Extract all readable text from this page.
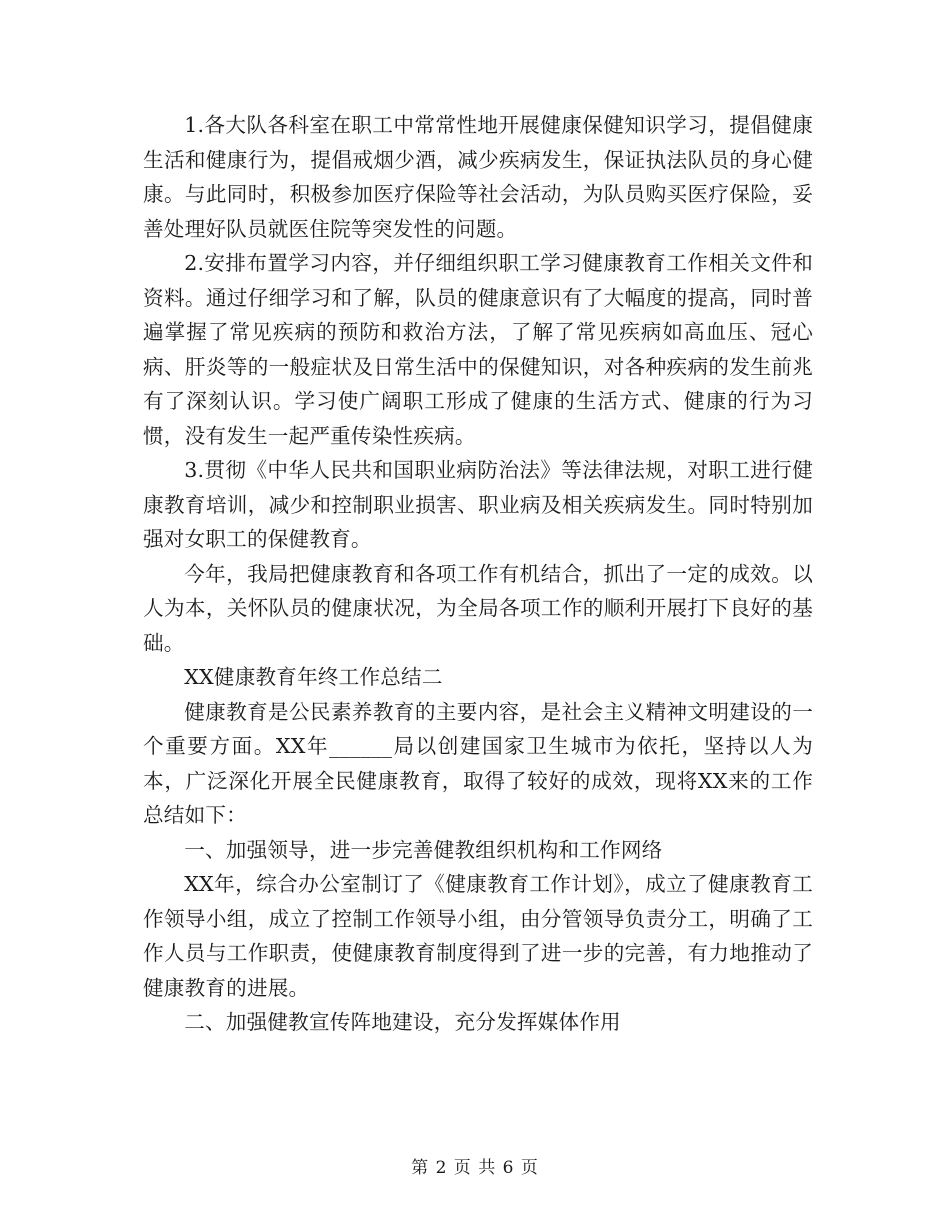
1.各大队各科室在职工中常常性地开展健康保健知识学习，提倡健康生活和健康行为，提倡戒烟少酒，减少疾病发生，保证执法队员的身心健康。与此同时，积极参加医疗保险等社会活动，为队员购买医疗保险，妥善处理好队员就医住院等突发性的问题。

2.安排布置学习内容，并仔细组织职工学习健康教育工作相关文件和资料。通过仔细学习和了解，队员的健康意识有了大幅度的提高，同时普遍掌握了常见疾病的预防和救治方法，了解了常见疾病如高血压、冠心病、肝炎等的一般症状及日常生活中的保健知识，对各种疾病的发生前兆有了深刻认识。学习使广阔职工形成了健康的生活方式、健康的行为习惯，没有发生一起严重传染性疾病。

3.贯彻《中华人民共和国职业病防治法》等法律法规，对职工进行健康教育培训，减少和控制职业损害、职业病及相关疾病发生。同时特别加强对女职工的保健教育。

今年，我局把健康教育和各项工作有机结合，抓出了一定的成效。以人为本，关怀队员的健康状况，为全局各项工作的顺利开展打下良好的基础。

XX健康教育年终工作总结二

健康教育是公民素养教育的主要内容，是社会主义精神文明建设的一个重要方面。XX年______局以创建国家卫生城市为依托，坚持以人为本，广泛深化开展全民健康教育，取得了较好的成效，现将XX来的工作总结如下：

一、加强领导，进一步完善健教组织机构和工作网络

XX年，综合办公室制订了《健康教育工作计划》，成立了健康教育工作领导小组，成立了控制工作领导小组，由分管领导负责分工，明确了工作人员与工作职责，使健康教育制度得到了进一步的完善，有力地推动了健康教育的进展。

二、加强健教宣传阵地建设，充分发挥媒体作用

第 2 页 共 6 页
